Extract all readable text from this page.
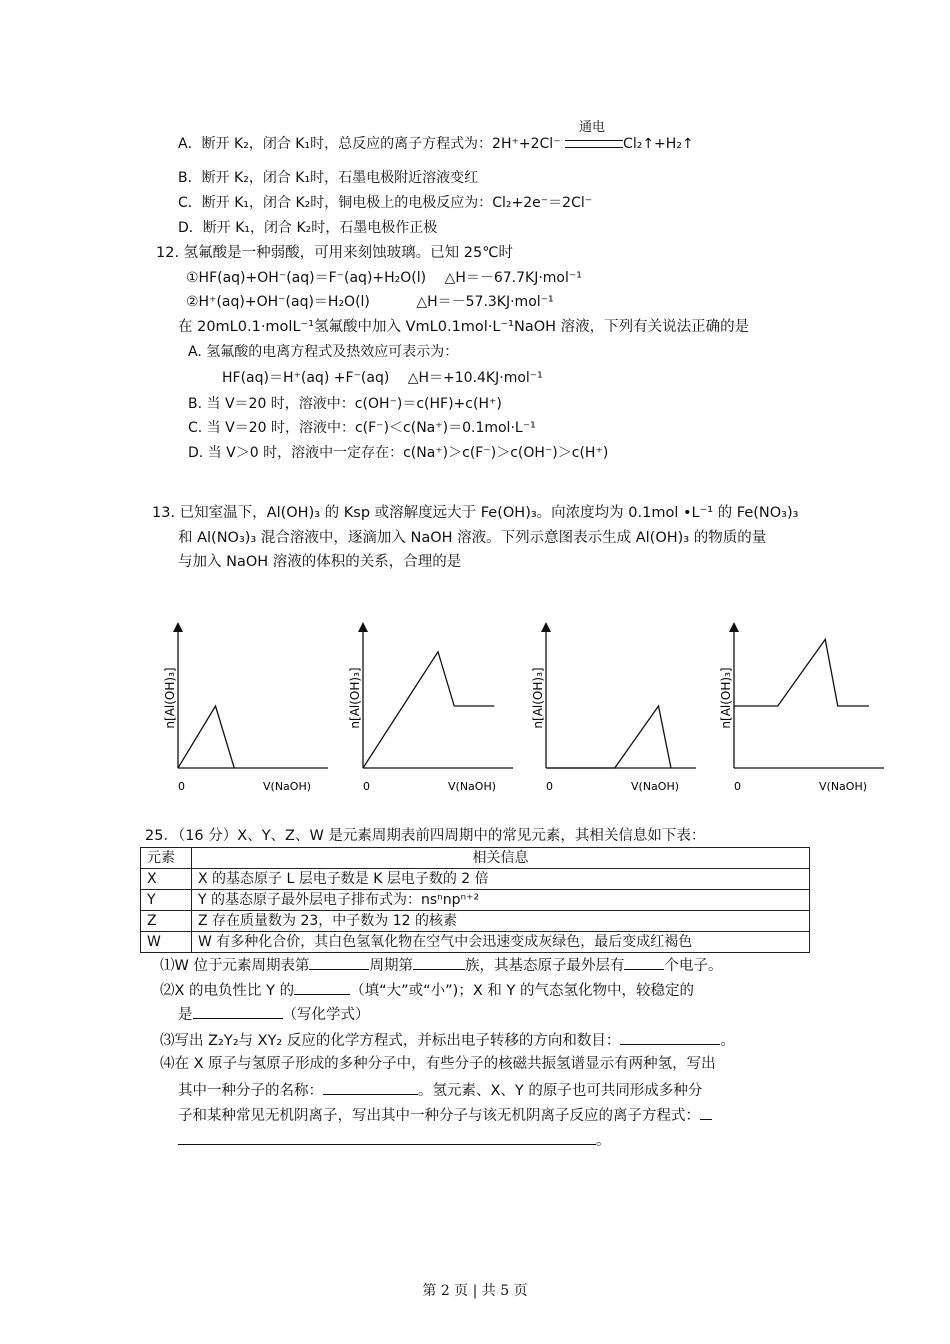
A．断开 K₂，闭合 K₁时，总反应的离子方程式为：2H⁺+2Cl⁻
通电
Cl₂↑+H₂↑
B．断开 K₂，闭合 K₁时，石墨电极附近溶液变红
C．断开 K₁，闭合 K₂时，铜电极上的电极反应为：Cl₂+2e⁻＝2Cl⁻
D．断开 K₁，闭合 K₂时，石墨电极作正极
12. 氢氟酸是一种弱酸，可用来刻蚀玻璃。已知 25℃时
①HF(aq)+OH⁻(aq)＝F⁻(aq)+H₂O(l)　 △H＝－67.7KJ·mol⁻¹
②H⁺(aq)+OH⁻(aq)＝H₂O(l)　　　 △H＝－57.3KJ·mol⁻¹
在 20mL0.1·molL⁻¹氢氟酸中加入 VmL0.1mol·L⁻¹NaOH 溶液，下列有关说法正确的是
A. 氢氟酸的电离方程式及热效应可表示为：
HF(aq)＝H⁺(aq) +F⁻(aq)　 △H＝+10.4KJ·mol⁻¹
B. 当 V＝20 时，溶液中：c(OH⁻)＝c(HF)+c(H⁺)
C. 当 V＝20 时，溶液中：c(F⁻)＜c(Na⁺)＝0.1mol·L⁻¹
D. 当 V＞0 时，溶液中一定存在：c(Na⁺)＞c(F⁻)＞c(OH⁻)＞c(H⁺)
13. 已知室温下，Al(OH)₃ 的 Ksp 或溶解度远大于 Fe(OH)₃。向浓度均为 0.1mol •L⁻¹ 的 Fe(NO₃)₃
和 Al(NO₃)₃ 混合溶液中，逐滴加入 NaOH 溶液。下列示意图表示生成 Al(OH)₃ 的物质的量
与加入 NaOH 溶液的体积的关系，合理的是
n[Al(OH)₃]
0	V(NaOH)
n[Al(OH)₃]
0	V(NaOH)
n[Al(OH)₃]
0	V(NaOH)
n[Al(OH)₃]
0	V(NaOH)
25．（16 分）X、Y、Z、W 是元素周期表前四周期中的常见元素，其相关信息如下表：
元素	相关信息
X	X 的基态原子 L 层电子数是 K 层电子数的 2 倍
Y	Y 的基态原子最外层电子排布式为：nsⁿnpⁿ⁺²
Z	Z 存在质量数为 23，中子数为 12 的核素
W	W 有多种化合价，其白色氢氧化物在空气中会迅速变成灰绿色，最后变成红褐色
⑴W 位于元素周期表第	周期第	族，其基态原子最外层有	个电子。
⑵X 的电负性比 Y 的	（填“大”或“小”)；X 和 Y 的气态氢化物中，较稳定的
是	（写化学式）
⑶写出 Z₂Y₂与 XY₂ 反应的化学方程式，并标出电子转移的方向和数目：	。
⑷在 X 原子与氢原子形成的多种分子中，有些分子的核磁共振氢谱显示有两种氢，写出
其中一种分子的名称：	。氢元素、X、Y 的原子也可共同形成多种分
子和某种常见无机阴离子，写出其中一种分子与该无机阴离子反应的离子方程式：
。
第 2 页 | 共 5 页
